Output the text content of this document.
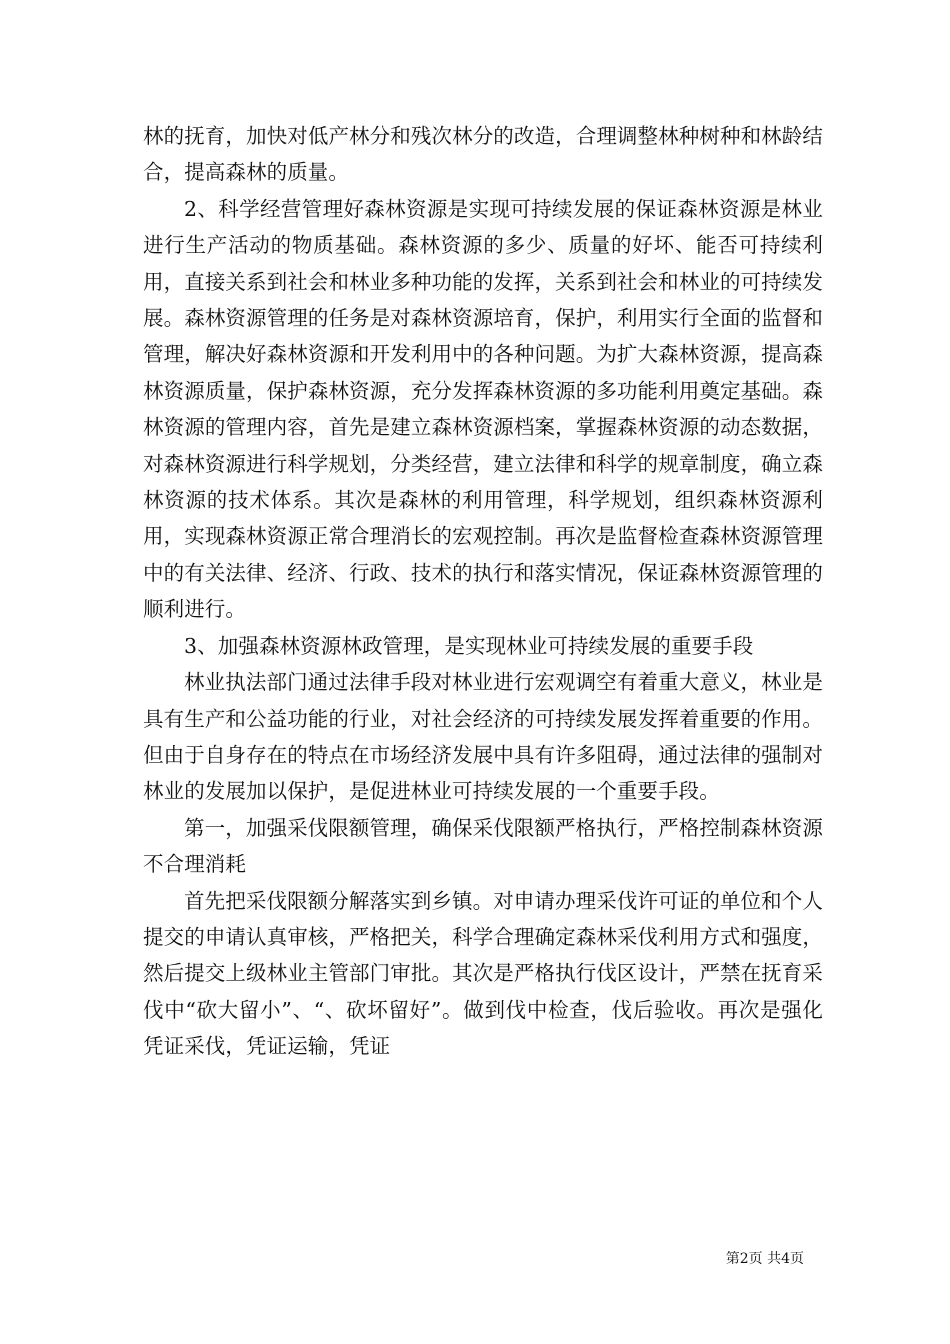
林的抚育，加快对低产林分和残次林分的改造，合理调整林种树种和林龄结合，提高森林的质量。

2、科学经营管理好森林资源是实现可持续发展的保证森林资源是林业进行生产活动的物质基础。森林资源的多少、质量的好坏、能否可持续利用，直接关系到社会和林业多种功能的发挥，关系到社会和林业的可持续发展。森林资源管理的任务是对森林资源培育，保护，利用实行全面的监督和管理，解决好森林资源和开发利用中的各种问题。为扩大森林资源，提高森林资源质量，保护森林资源，充分发挥森林资源的多功能利用奠定基础。森林资源的管理内容，首先是建立森林资源档案，掌握森林资源的动态数据，对森林资源进行科学规划，分类经营，建立法律和科学的规章制度，确立森林资源的技术体系。其次是森林的利用管理，科学规划，组织森林资源利用，实现森林资源正常合理消长的宏观控制。再次是监督检查森林资源管理中的有关法律、经济、行政、技术的执行和落实情况，保证森林资源管理的顺利进行。

3、加强森林资源林政管理，是实现林业可持续发展的重要手段

林业执法部门通过法律手段对林业进行宏观调空有着重大意义，林业是具有生产和公益功能的行业，对社会经济的可持续发展发挥着重要的作用。但由于自身存在的特点在市场经济发展中具有许多阻碍，通过法律的强制对林业的发展加以保护，是促进林业可持续发展的一个重要手段。

第一，加强采伐限额管理，确保采伐限额严格执行，严格控制森林资源不合理消耗

首先把采伐限额分解落实到乡镇。对申请办理采伐许可证的单位和个人提交的申请认真审核，严格把关，科学合理确定森林采伐利用方式和强度，然后提交上级林业主管部门审批。其次是严格执行伐区设计，严禁在抚育采伐中“砍大留小”、“、砍坏留好”。做到伐中检查，伐后验收。再次是强化凭证采伐，凭证运输，凭证

第2页 共4页
